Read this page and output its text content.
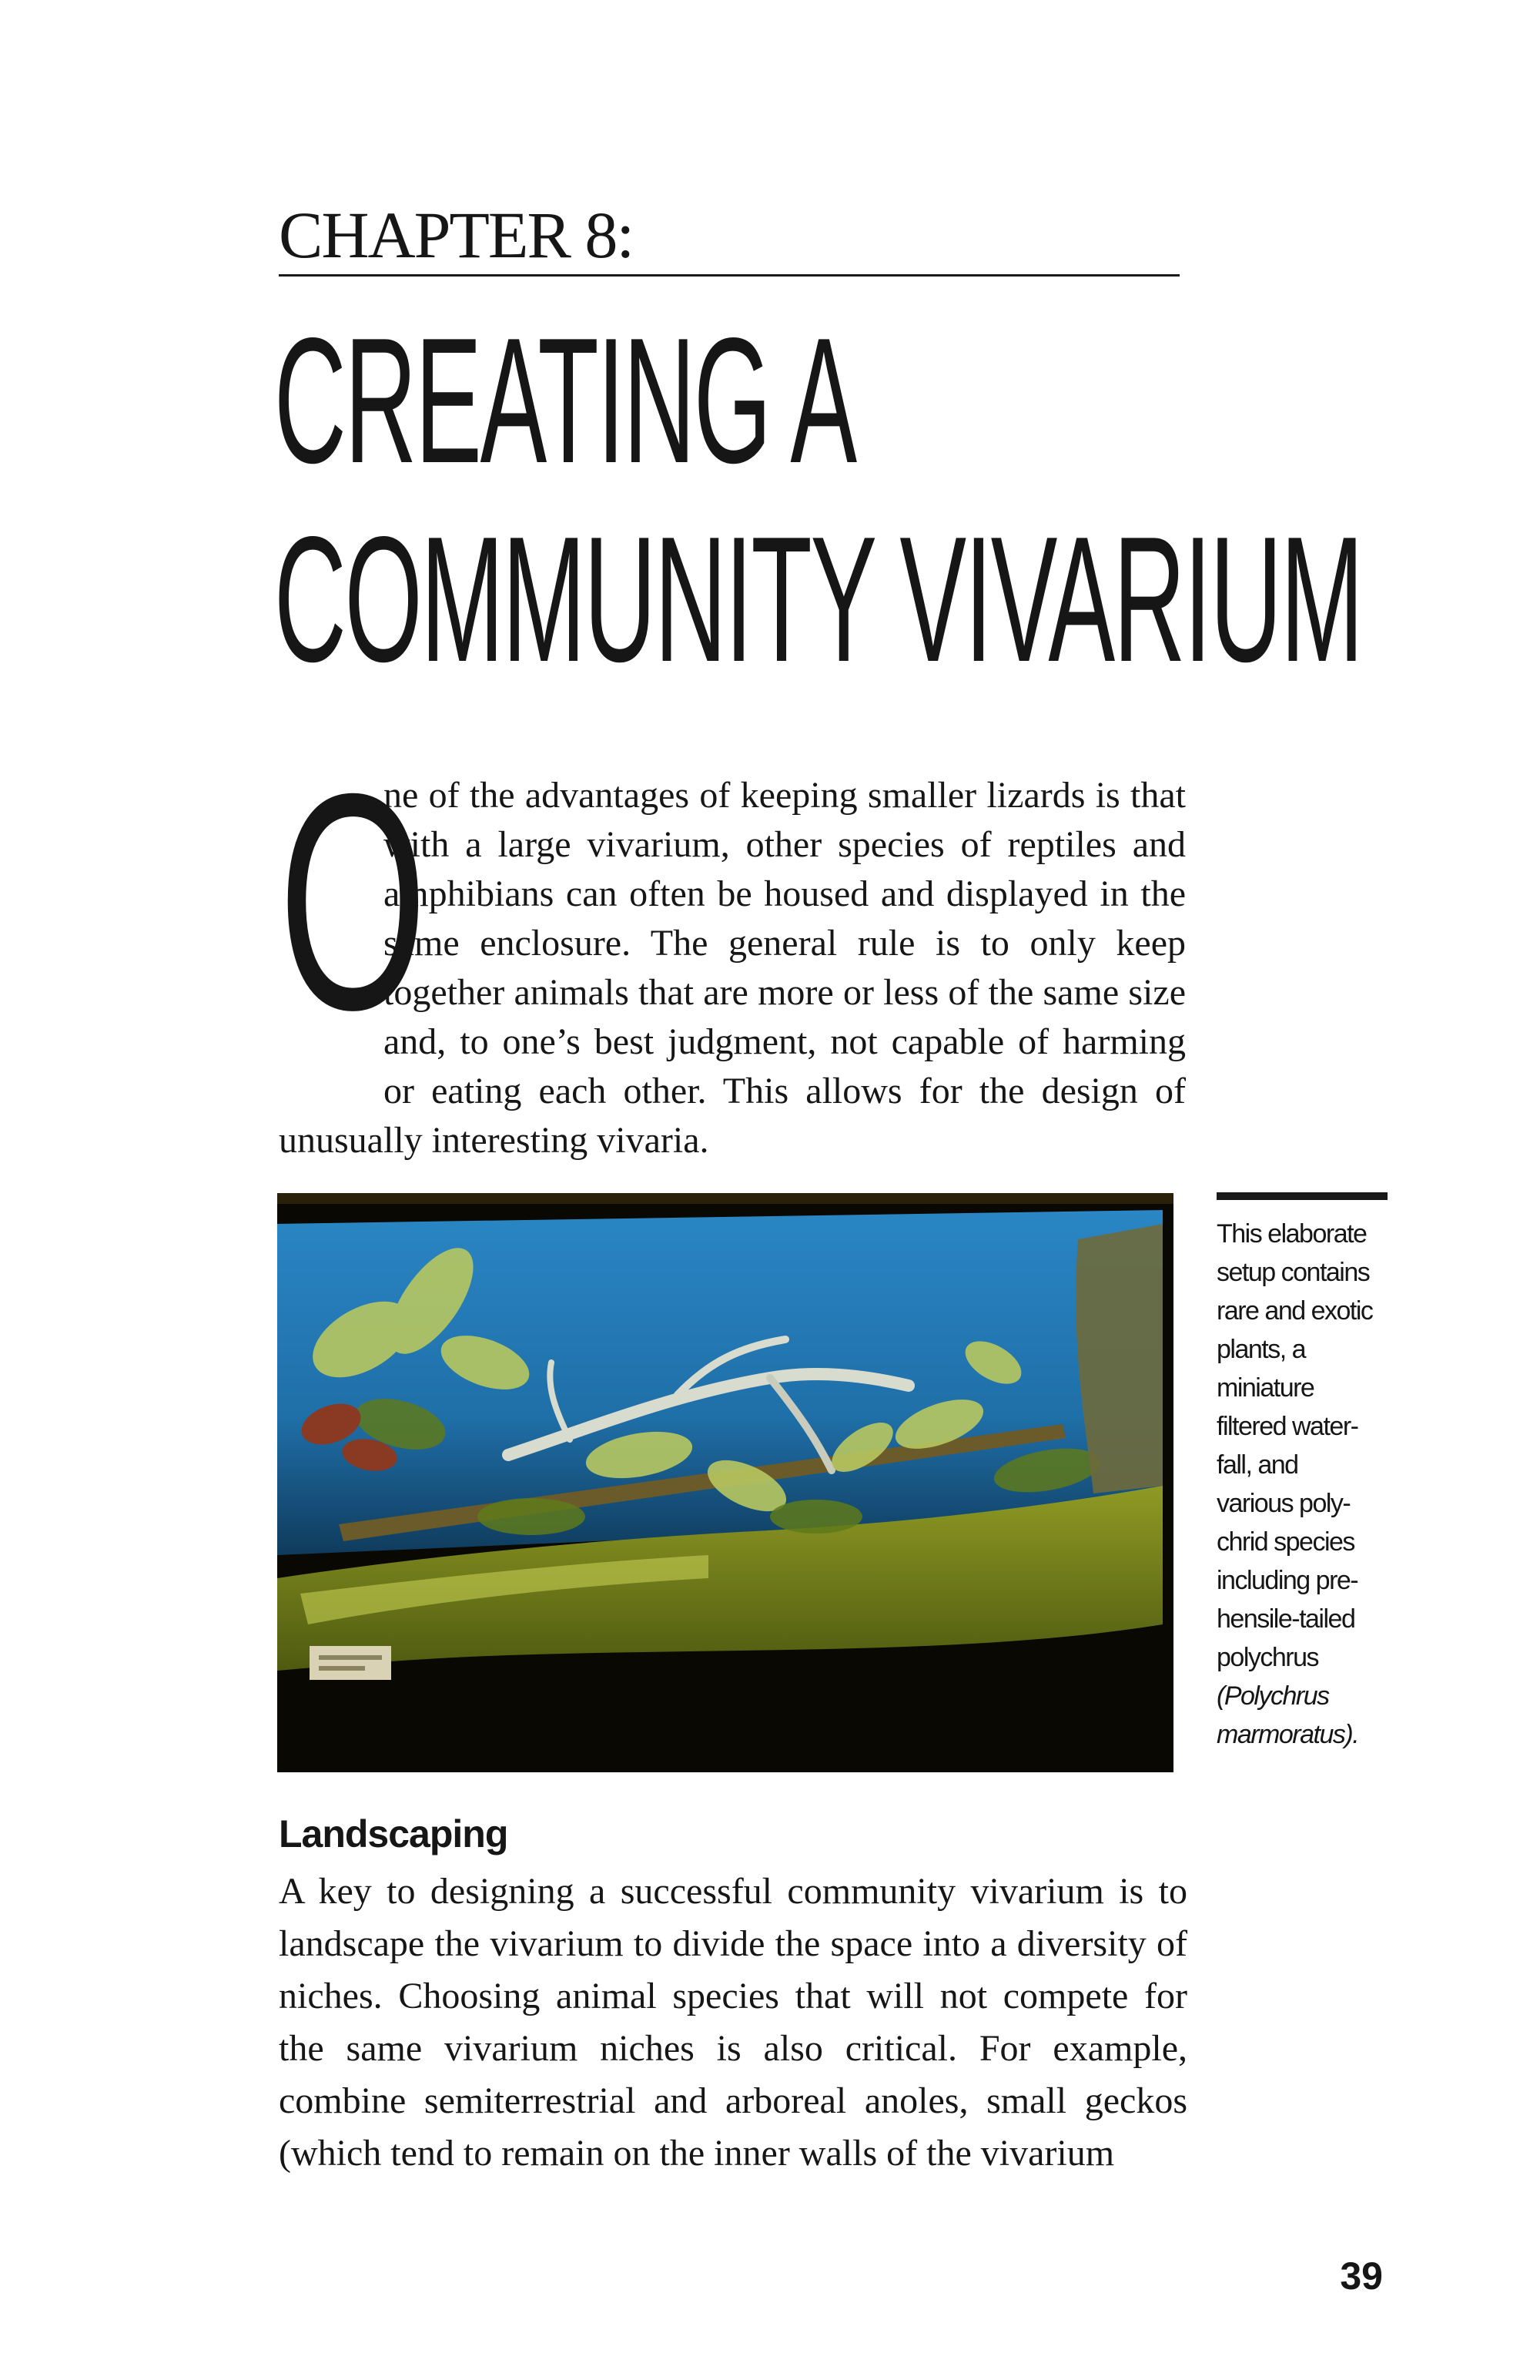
CHAPTER 8:
CREATING A
COMMUNITY VIVARIUM

O
ne of the advantages of keeping smaller lizards is that with a large vivarium, other species of reptiles and amphibians can often be housed and displayed in the same enclosure. The general rule is to only keep together animals that are more or less of the same size and, to one’s best judgment, not capable of harming or eating each other. This allows for the design of unusually interesting vivaria.

This elaborate
setup contains
rare and exotic
plants, a
miniature
filtered water-
fall, and
various poly-
chrid species
including pre-
hensile-tailed
polychrus
(Polychrus
marmoratus).

Landscaping

A key to designing a successful community vivarium is to landscape the vivarium to divide the space into a diversity of niches. Choosing animal species that will not compete for the same vivarium niches is also critical. For example, combine semiterrestrial and arboreal anoles, small geckos (which tend to remain on the inner walls of the vivarium

39
